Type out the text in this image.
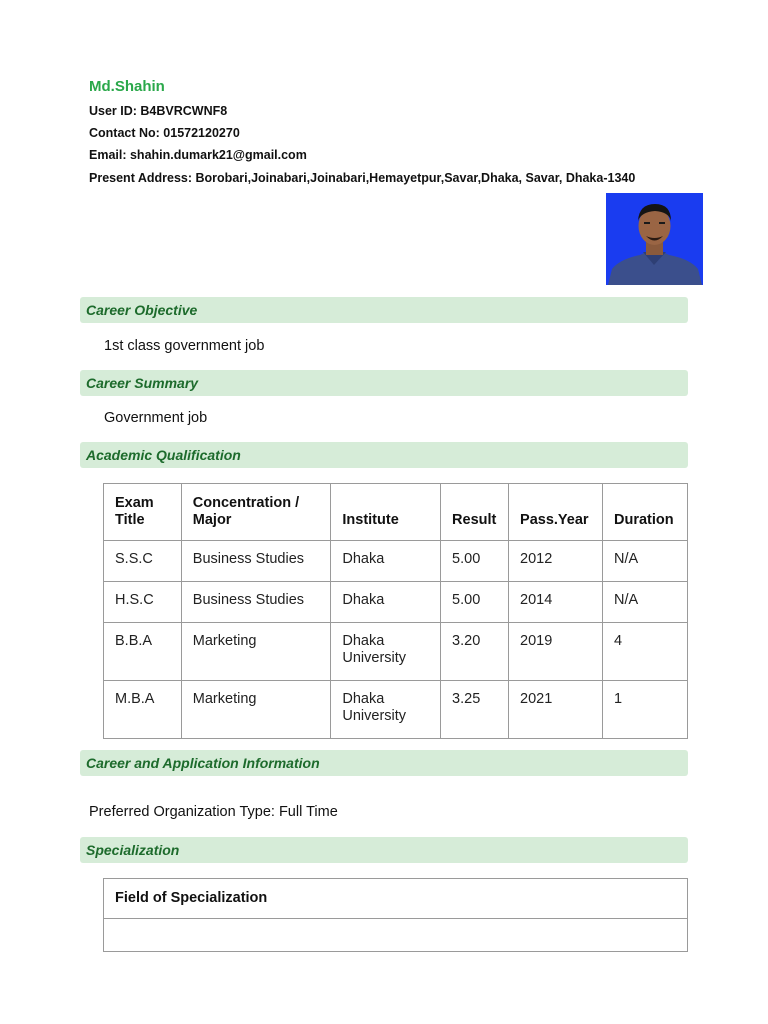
Md.Shahin
User ID: B4BVRCWNF8
Contact No: 01572120270
Email: shahin.dumark21@gmail.com
Present Address: Borobari,Joinabari,Joinabari,Hemayetpur,Savar,Dhaka, Savar, Dhaka-1340
Career Objective
1st class government job
Career Summary
Government job
Academic Qualification
Exam Title	Concentration / Major	Institute	Result	Pass.Year	Duration
S.S.C	Business Studies	Dhaka	5.00	2012	N/A
H.S.C	Business Studies	Dhaka	5.00	2014	N/A
B.B.A	Marketing	Dhaka University	3.20	2019	4
M.B.A	Marketing	Dhaka University	3.25	2021	1
Career and Application Information
Preferred Organization Type: Full Time
Specialization
Field of Specialization
